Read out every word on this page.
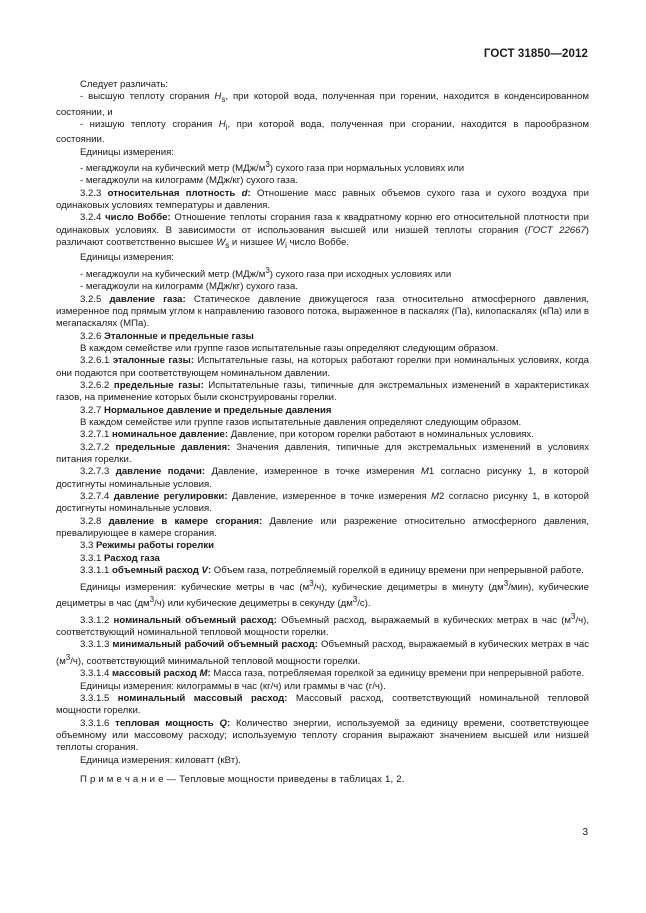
ГОСТ 31850—2012

Следует различать:

- высшую теплоту сгорания $H_s$, при которой вода, полученная при горении, находится в конденсированном состоянии, и

- низшую теплоту сгорания $H_i$, при которой вода, полученная при сгорании, находится в парообразном состоянии.

Единицы измерения:

- мегаджоули на кубический метр $(МДж/м^3)$ сухого газа при нормальных условиях или

- мегаджоули на килограмм (МДж/кг) сухого газа.

3.2.3 относительная плотность d: Отношение масс равных объемов сухого газа и сухого воздуха при одинаковых условиях температуры и давления.

3.2.4 число Воббе: Отношение теплоты сгорания газа к квадратному корню его относительной плотности при одинаковых условиях. В зависимости от использования высшей или низшей теплоты сгорания (ГОСТ 22667) различают соответственно высшее $W_s$ и низшее $W_i$ число Воббе.

Единицы измерения:

- мегаджоули на кубический метр $(МДж/м^3)$ сухого газа при исходных условиях или

- мегаджоули на килограмм (МДж/кг) сухого газа.

3.2.5 давление газа: Статическое давление движущегося газа относительно атмосферного давления, измеренное под прямым углом к направлению газового потока, выраженное в паскалях (Па), килопаскалях (кПа) или в мегапаскалях (МПа).

3.2.6 Эталонные и предельные газы

В каждом семействе или группе газов испытательные газы определяют следующим образом.

3.2.6.1 эталонные газы: Испытательные газы, на которых работают горелки при номинальных условиях, когда они подаются при соответствующем номинальном давлении.

3.2.6.2 предельные газы: Испытательные газы, типичные для экстремальных изменений в характеристиках газов, на применение которых были сконструированы горелки.

3.2.7 Нормальное давление и предельные давления

В каждом семействе или группе газов испытательные давления определяют следующим образом.

3.2.7.1 номинальное давление: Давление, при котором горелки работают в номинальных условиях.

3.2.7.2 предельные давления: Значения давления, типичные для экстремальных изменений в условиях питания горелки.

3.2.7.3 давление подачи: Давление, измеренное в точке измерения M1 согласно рисунку 1, в которой достигнуты номинальные условия.

3.2.7.4 давление регулировки: Давление, измеренное в точке измерения M2 согласно рисунку 1, в которой достигнуты номинальные условия.

3.2.8 давление в камере сгорания: Давление или разрежение относительно атмосферного давления, превалирующее в камере сгорания.

3.3 Режимы работы горелки

3.3.1 Расход газа

3.3.1.1 объемный расход V: Объем газа, потребляемый горелкой в единицу времени при непрерывной работе.

Единицы измерения: кубические метры в час $(м^3/ч)$, кубические дециметры в минуту $(дм^3/мин)$, кубические дециметры в час $(дм^3/ч)$ или кубические дециметры в секунду $(дм^3/с)$.

3.3.1.2 номинальный объемный расход: Объемный расход, выражаемый в кубических метрах в час $(м^3/ч)$, соответствующий номинальной тепловой мощности горелки.

3.3.1.3 минимальный рабочий объемный расход: Объемный расход, выражаемый в кубических метрах в час $(м^3/ч)$, соответствующий минимальной тепловой мощности горелки.

3.3.1.4 массовый расход M: Масса газа, потребляемая горелкой за единицу времени при непрерывной работе.

Единицы измерения: килограммы в час (кг/ч) или граммы в час (г/ч).

3.3.1.5 номинальный массовый расход: Массовый расход, соответствующий номинальной тепловой мощности горелки.

3.3.1.6 тепловая мощность Q: Количество энергии, используемой за единицу времени, соответствующее объемному или массовому расходу; используемую теплоту сгорания выражают значением высшей или низшей теплоты сгорания.

Единица измерения: киловатт (кВт).

П р и м е ч а н и е — Тепловые мощности приведены в таблицах 1, 2.

3
